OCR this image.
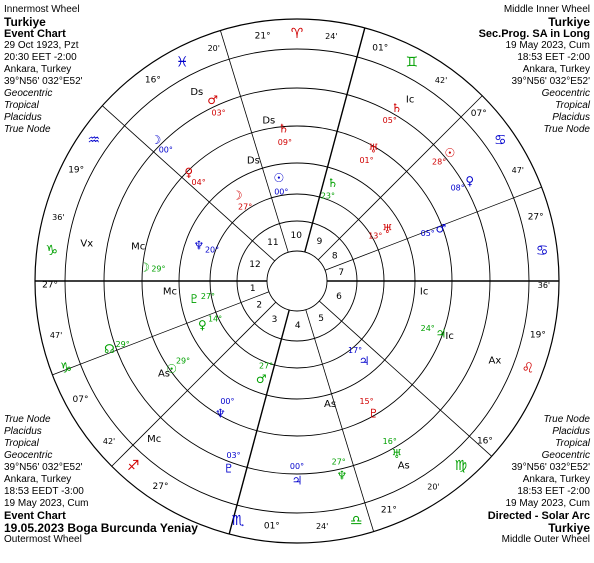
Innermost Wheel
Turkiye
Event Chart
29 Oct 1923, Pzt
20:30 EET -2:00
Ankara, Turkey
39°N56' 032°E52'
Geocentric
Tropical
Placidus
True Node
Middle Inner Wheel
Turkiye
Sec.Prog. SA in Long
19 May 2023, Cum
18:53 EET -2:00
Ankara, Turkey
39°N56' 032°E52'
Geocentric
Tropical
Placidus
True Node
True Node
Placidus
Tropical
Geocentric
39°N56' 032°E52'
Ankara, Turkey
18:53 EEDT -3:00
19 May 2023, Cum
Event Chart
19.05.2023 Boga Burcunda Yeniay
Outermost Wheel
True Node
Placidus
Tropical
Geocentric
39°N56' 032°E52'
Ankara, Turkey
18:53 EET -2:00
19 May 2023, Cum
Directed - Solar Arc
Turkiye
Middle Outer Wheel
1
2
3
4
5
6
7
8
9
10
11
12
♈
21°	24'
♓
16°
20'
♒
19°
♑
27°
36'
♑
07°
47'
♐
27°
42'
♏ 01°	♎
21°
24'
♍
16°
20'
♌
19°
♋
27°
36'
♋
07°
47'
♊
01°
42'
☉
28°
☽
00°
♀
08°
♂
03°
♃
00°
♄
05°
♅
16°
♆
27°
♇
03°
☊ 29°
☉
29°
☽ 29°
♀
04°
♂
05°
♃
24°
♄
09°	♅
01°
♆
00°
♇
15°
☉
00°
☽
27°
♀ 14°
♂
27°	♃
17°
♄
23°
♅
13°
♆ 20°
♇ 27°
Ds
Ic
Ds
Ic
As
Mc
As
Mc
Ax
Vx
Ic
As
Mc
Ds
